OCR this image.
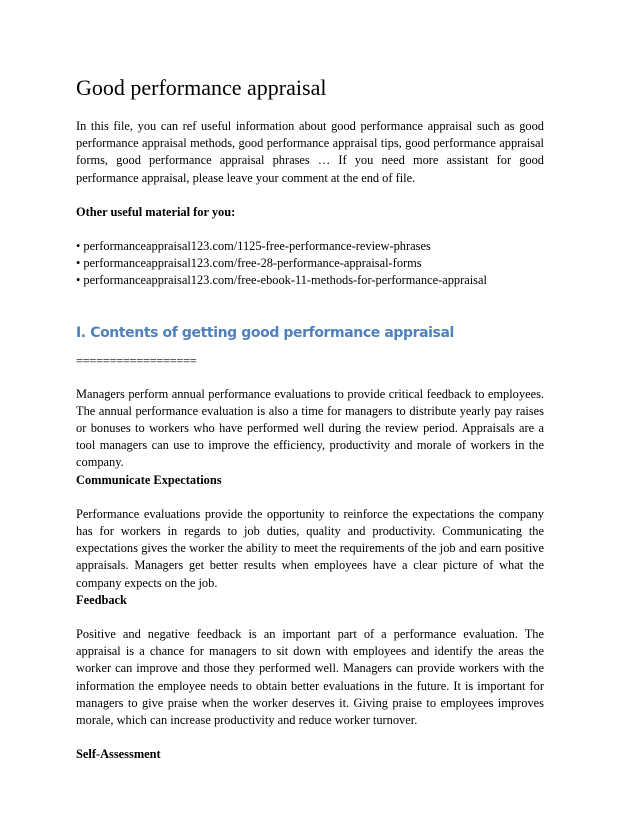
Good performance appraisal

In this file, you can ref useful information about good performance appraisal such as good performance appraisal methods, good performance appraisal tips, good performance appraisal forms, good performance appraisal phrases … If you need more assistant for good performance appraisal, please leave your comment at the end of file.

Other useful material for you:

• performanceappraisal123.com/1125-free-performance-review-phrases
• performanceappraisal123.com/free-28-performance-appraisal-forms
• performanceappraisal123.com/free-ebook-11-methods-for-performance-appraisal
I. Contents of getting good performance appraisal

==================

Managers perform annual performance evaluations to provide critical feedback to employees. The annual performance evaluation is also a time for managers to distribute yearly pay raises or bonuses to workers who have performed well during the review period. Appraisals are a tool managers can use to improve the efficiency, productivity and morale of workers in the company.

Communicate Expectations

Performance evaluations provide the opportunity to reinforce the expectations the company has for workers in regards to job duties, quality and productivity. Communicating the expectations gives the worker the ability to meet the requirements of the job and earn positive appraisals. Managers get better results when employees have a clear picture of what the company expects on the job.

Feedback

Positive and negative feedback is an important part of a performance evaluation. The appraisal is a chance for managers to sit down with employees and identify the areas the worker can improve and those they performed well. Managers can provide workers with the information the employee needs to obtain better evaluations in the future. It is important for managers to give praise when the worker deserves it. Giving praise to employees improves morale, which can increase productivity and reduce worker turnover.

Self-Assessment
